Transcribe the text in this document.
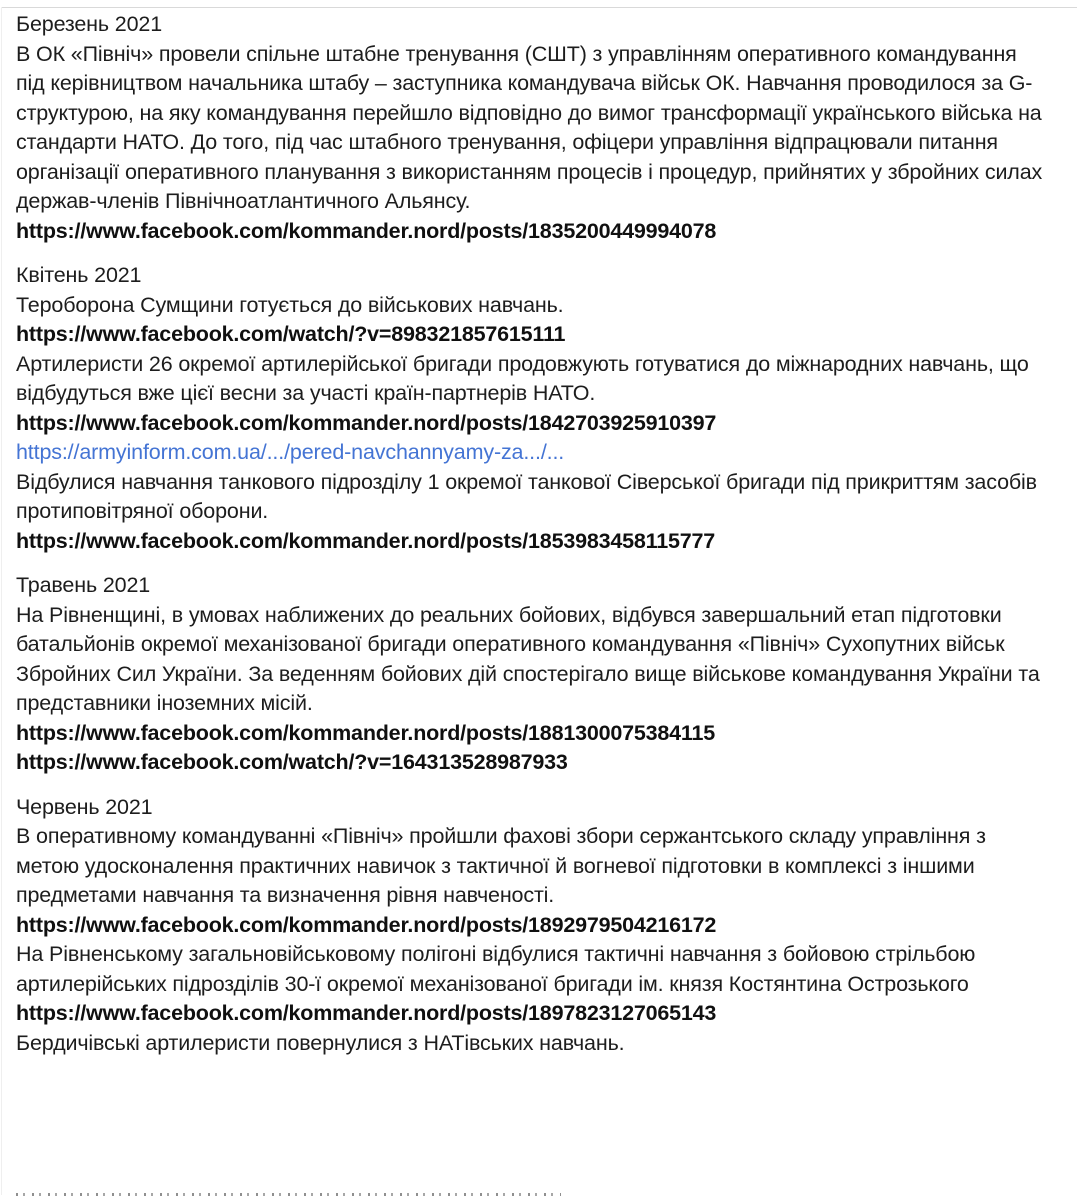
Березень 2021

В ОК «Північ» провели спільне штабне тренування (СШТ) з управлінням оперативного командування під керівництвом начальника штабу – заступника командувача військ ОК. Навчання проводилося за G-структурою, на яку командування перейшло відповідно до вимог трансформації українського війська на стандарти НАТО. До того, під час штабного тренування, офіцери управління відпрацювали питання організації оперативного планування з використанням процесів і процедур, прийнятих у збройних силах держав-членів Північноатлантичного Альянсу.

https://www.facebook.com/kommander.nord/posts/1835200449994078

Квітень 2021

Тероборона Сумщини готується до військових навчань.

https://www.facebook.com/watch/?v=898321857615111

Артилеристи 26 окремої артилерійської бригади продовжують готуватися до міжнародних навчань, що відбудуться вже цієї весни за участі країн-партнерів НАТО.

https://www.facebook.com/kommander.nord/posts/1842703925910397

https://armyinform.com.ua/.../pered-navchannyamy-za.../...

Відбулися навчання танкового підрозділу 1 окремої танкової Сіверської бригади під прикриттям засобів протиповітряної оборони.

https://www.facebook.com/kommander.nord/posts/1853983458115777

Травень 2021

На Рівненщині, в умовах наближених до реальних бойових, відбувся завершальний етап підготовки батальйонів окремої механізованої бригади оперативного командування «Північ» Сухопутних військ Збройних Сил України. За веденням бойових дій спостерігало вище військове командування України та представники іноземних місій.

https://www.facebook.com/kommander.nord/posts/1881300075384115

https://www.facebook.com/watch/?v=164313528987933

Червень 2021

В оперативному командуванні «Північ» пройшли фахові збори сержантського складу управління з метою удосконалення практичних навичок з тактичної й вогневої підготовки в комплексі з іншими предметами навчання та визначення рівня навченості.

https://www.facebook.com/kommander.nord/posts/1892979504216172

На Рівненському загальновійськовому полігоні відбулися тактичні навчання з бойовою стрільбою артилерійських підрозділів 30-ї окремої механізованої бригади ім. князя Костянтина Острозького

https://www.facebook.com/kommander.nord/posts/1897823127065143

Бердичівські артилеристи повернулися з НАТівських навчань.
